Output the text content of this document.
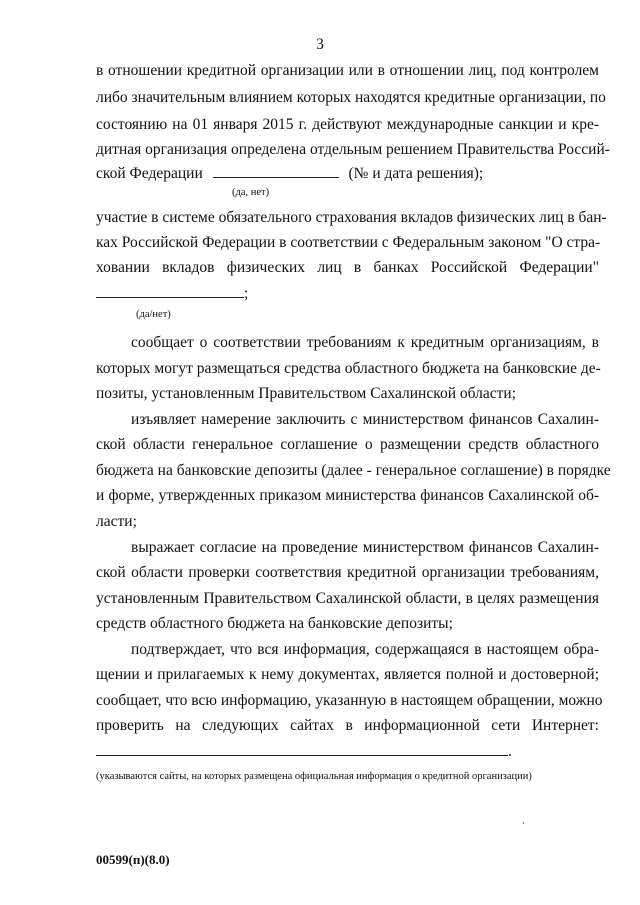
3
в отношении кредитной организации или в отношении лиц, под контролем
либо значительным влиянием которых находятся кредитные организации, по
состоянию на 01 января 2015 г. действуют международные санкции и кре-
дитная организация определена отдельным решением Правительства Россий-
ской Федерации	(№ и дата решения);
(да, нет)
участие в системе обязательного страхования вкладов физических лиц в бан-
ках Российской Федерации в соответствии с Федеральным законом "О стра-
ховании вкладов физических лиц в банках Российской Федерации"
;
(да/нет)
сообщает о соответствии требованиям к кредитным организациям, в
которых могут размещаться средства областного бюджета на банковские де-
позиты, установленным Правительством Сахалинской области;
изъявляет намерение заключить с министерством финансов Сахалин-
ской области генеральное соглашение о размещении средств областного
бюджета на банковские депозиты (далее - генеральное соглашение) в порядке
и форме, утвержденных приказом министерства финансов Сахалинской об-
ласти;
выражает согласие на проведение министерством финансов Сахалин-
ской области проверки соответствия кредитной организации требованиям,
установленным Правительством Сахалинской области, в целях размещения
средств областного бюджета на банковские депозиты;
подтверждает, что вся информация, содержащаяся в настоящем обра-
щении и прилагаемых к нему документах, является полной и достоверной;
сообщает, что всю информацию, указанную в настоящем обращении, можно
проверить на следующих сайтах в информационной сети Интернет:
.
(указываются сайты, на которых размещена официальная информация о кредитной организации)
00599(п)(8.0)
